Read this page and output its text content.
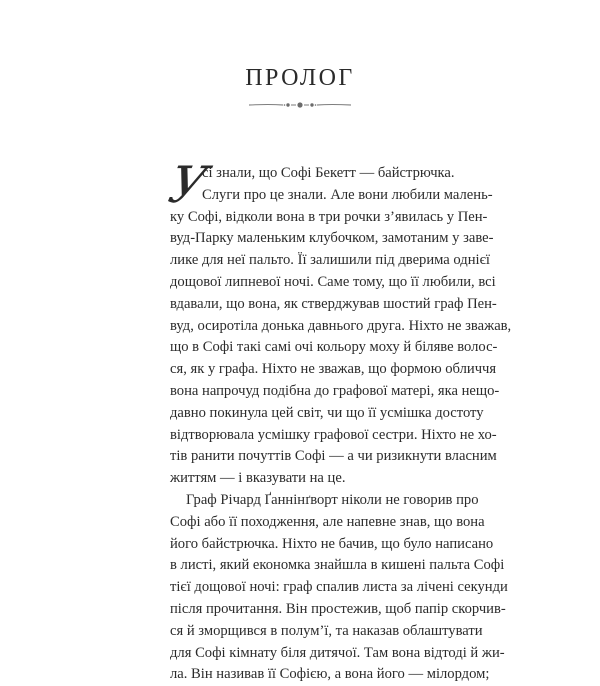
ПРОЛОГ
У
сі знали, що Софі Бекетт — байстрючка.
Слуги про це знали. Але вони любили малень-
ку Софі, відколи вона в три рочки з’явилась у Пен-
вуд-Парку маленьким клубочком, замотаним у заве-
лике для неї пальто. Її залишили під дверима однієї
дощової липневої ночі. Саме тому, що її любили, всі
вдавали, що вона, як стверджував шостий граф Пен-
вуд, осиротіла донька давнього друга. Ніхто не зважав,
що в Софі такі самі очі кольору моху й біляве волос-
ся, як у графа. Ніхто не зважав, що формою обличчя
вона напрочуд подібна до графової матері, яка нещо-
давно покинула цей світ, чи що її усмішка достоту
відтворювала усмішку графової сестри. Ніхто не хо-
тів ранити почуттів Софі — а чи ризикнути власним
життям — і вказувати на це.
Граф Річард Ґаннінґворт ніколи не говорив про
Софі або її походження, але напевне знав, що вона
його байстрючка. Ніхто не бачив, що було написано
в листі, який економка знайшла в кишені пальта Софі
тієї дощової ночі: граф спалив листа за лічені секунди
після прочитання. Він простежив, щоб папір скорчив-
ся й зморщився в полум’ї, та наказав облаштувати
для Софі кімнату біля дитячої. Там вона відтоді й жи-
ла. Він називав її Софією, а вона його — мілордом;
